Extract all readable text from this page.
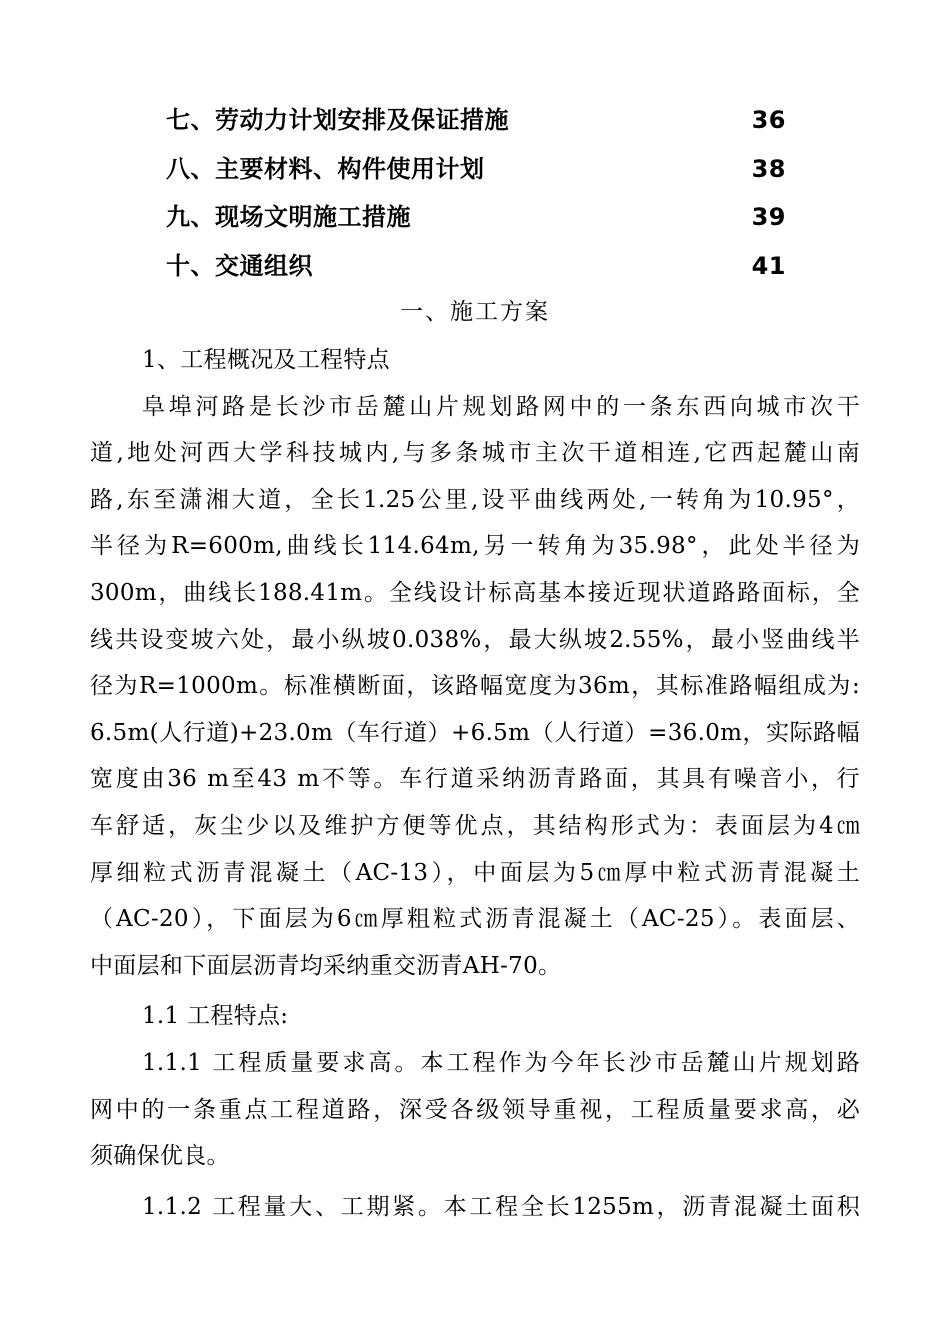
七、劳动力计划安排及保证措施	36
八、主要材料、构件使用计划	38
九、现场文明施工措施	39
十、交通组织	41
一、施工方案
1、工程概况及工程特点
阜埠河路是长沙市岳麓山片规划路网中的一条东西向城市次干
道,地处河西大学科技城内,与多条城市主次干道相连,它西起麓山南
路,东至潇湘大道，全长1.25公里,设平曲线两处,一转角为10.95°，
半径为R=600m,曲线长114.64m,另一转角为35.98°，此处半径为
300m，曲线长188.41m。全线设计标高基本接近现状道路路面标，全
线共设变坡六处，最小纵坡0.038%，最大纵坡2.55%，最小竖曲线半
径为R=1000m。标准横断面，该路幅宽度为36m，其标准路幅组成为:
6.5m(人行道)+23.0m（车行道）+6.5m（人行道）=36.0m，实际路幅
宽度由36 m至43 m不等。车行道采纳沥青路面，其具有噪音小，行
车舒适，灰尘少以及维护方便等优点，其结构形式为：表面层为4㎝
厚细粒式沥青混凝土（AC-13），中面层为5㎝厚中粒式沥青混凝土
（AC-20），下面层为6㎝厚粗粒式沥青混凝土（AC-25）。表面层、
中面层和下面层沥青均采纳重交沥青AH-70。
1.1 工程特点:
1.1.1 工程质量要求高。本工程作为今年长沙市岳麓山片规划路
网中的一条重点工程道路，深受各级领导重视，工程质量要求高，必
须确保优良。
1.1.2 工程量大、工期紧。本工程全长1255m，沥青混凝土面积
